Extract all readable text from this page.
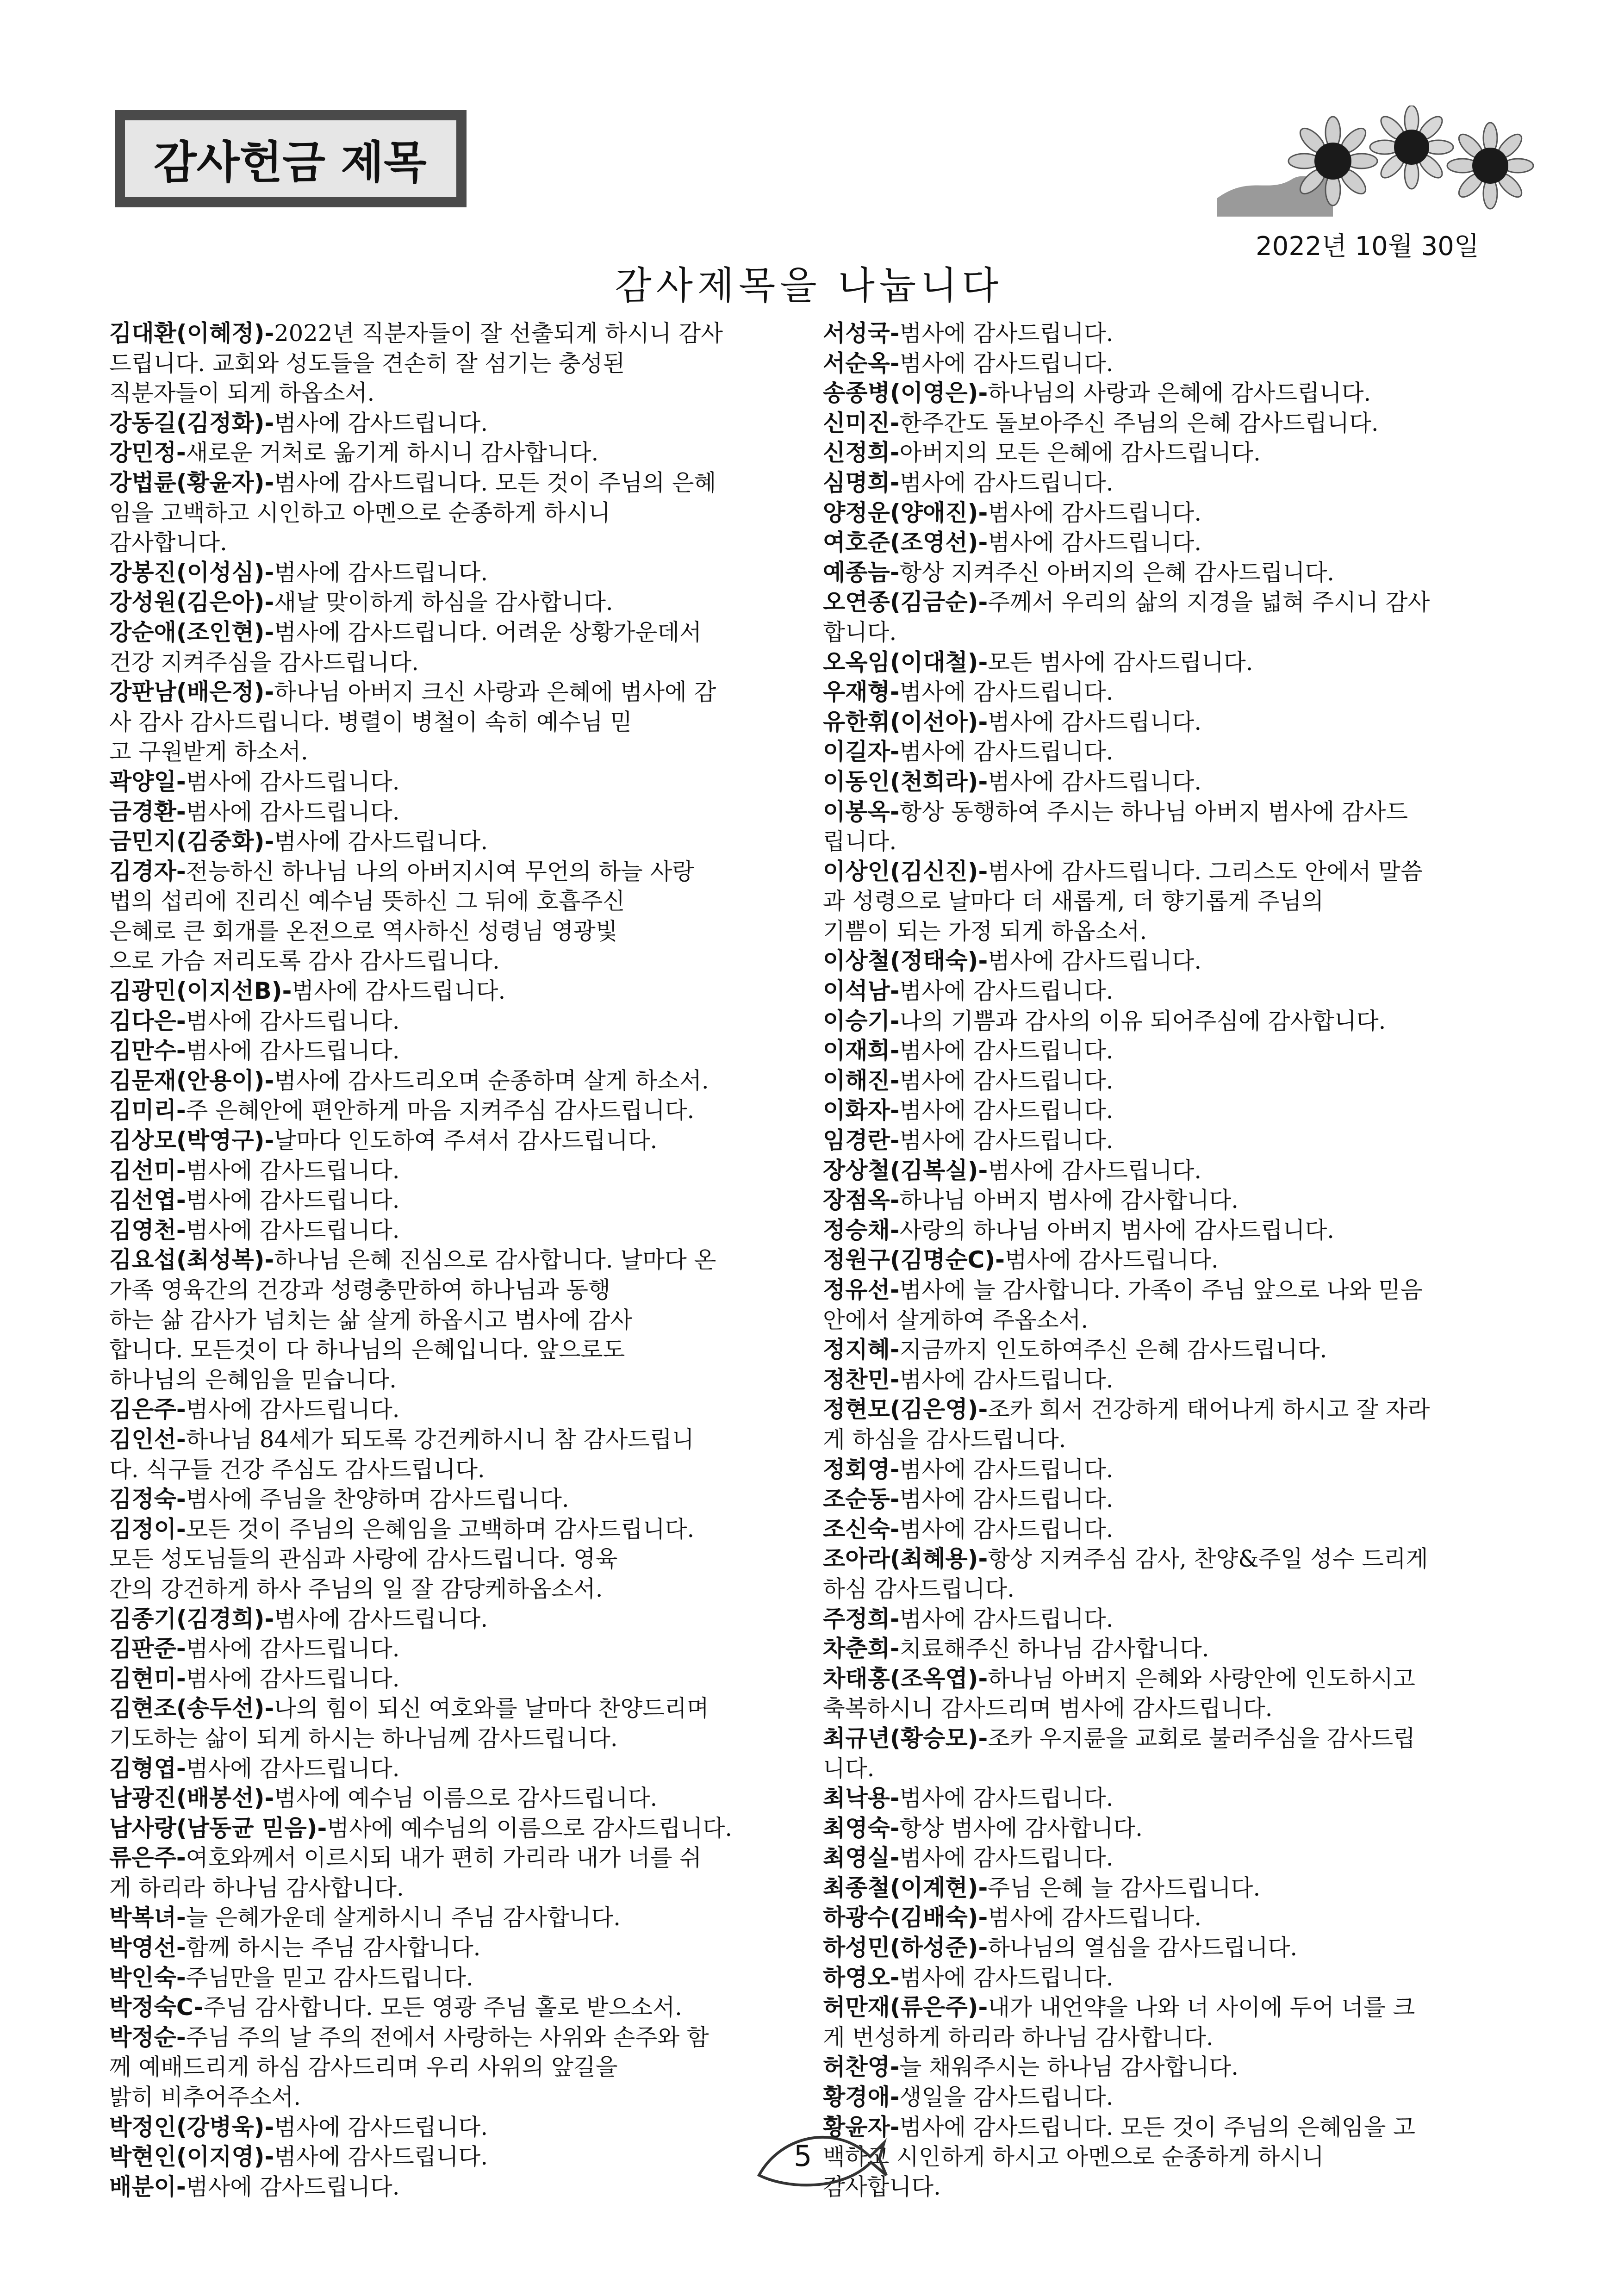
감사헌금 제목
2022년 10월 30일
감사제목을 나눕니다
김대환(이혜정)-2022년 직분자들이 잘 선출되게 하시니 감사
드립니다. 교회와 성도들을 견손히 잘 섬기는 충성된
직분자들이 되게 하옵소서.
강동길(김정화)-범사에 감사드립니다.
강민정-새로운 거처로 옮기게 하시니 감사합니다.
강법륜(황윤자)-범사에 감사드립니다. 모든 것이 주님의 은혜
임을 고백하고 시인하고 아멘으로 순종하게 하시니
감사합니다.
강봉진(이성심)-범사에 감사드립니다.
강성원(김은아)-새날 맞이하게 하심을 감사합니다.
강순애(조인현)-범사에 감사드립니다. 어려운 상황가운데서
건강 지켜주심을 감사드립니다.
강판남(배은정)-하나님 아버지 크신 사랑과 은혜에 범사에 감
사 감사 감사드립니다. 병렬이 병철이 속히 예수님 믿
고 구원받게 하소서.
곽양일-범사에 감사드립니다.
금경환-범사에 감사드립니다.
금민지(김중화)-범사에 감사드립니다.
김경자-전능하신 하나님 나의 아버지시여 무언의 하늘 사랑
법의 섭리에 진리신 예수님 뜻하신 그 뒤에 호흡주신
은혜로 큰 회개를 온전으로 역사하신 성령님 영광빛
으로 가슴 저리도록 감사 감사드립니다.
김광민(이지선B)-범사에 감사드립니다.
김다은-범사에 감사드립니다.
김만수-범사에 감사드립니다.
김문재(안용이)-범사에 감사드리오며 순종하며 살게 하소서.
김미리-주 은혜안에 편안하게 마음 지켜주심 감사드립니다.
김상모(박영구)-날마다 인도하여 주셔서 감사드립니다.
김선미-범사에 감사드립니다.
김선엽-범사에 감사드립니다.
김영천-범사에 감사드립니다.
김요섭(최성복)-하나님 은혜 진심으로 감사합니다. 날마다 온
가족 영육간의 건강과 성령충만하여 하나님과 동행
하는 삶 감사가 넘치는 삶 살게 하옵시고 범사에 감사
합니다. 모든것이 다 하나님의 은혜입니다. 앞으로도
하나님의 은혜임을 믿습니다.
김은주-범사에 감사드립니다.
김인선-하나님 84세가 되도록 강건케하시니 참 감사드립니
다. 식구들 건강 주심도 감사드립니다.
김정숙-범사에 주님을 찬양하며 감사드립니다.
김정이-모든 것이 주님의 은혜임을 고백하며 감사드립니다.
모든 성도님들의 관심과 사랑에 감사드립니다. 영육
간의 강건하게 하사 주님의 일 잘 감당케하옵소서.
김종기(김경희)-범사에 감사드립니다.
김판준-범사에 감사드립니다.
김현미-범사에 감사드립니다.
김현조(송두선)-나의 힘이 되신 여호와를 날마다 찬양드리며
기도하는 삶이 되게 하시는 하나님께 감사드립니다.
김형엽-범사에 감사드립니다.
남광진(배봉선)-범사에 예수님 이름으로 감사드립니다.
남사랑(남동균 믿음)-범사에 예수님의 이름으로 감사드립니다.
류은주-여호와께서 이르시되 내가 편히 가리라 내가 너를 쉬
게 하리라 하나님 감사합니다.
박복녀-늘 은혜가운데 살게하시니 주님 감사합니다.
박영선-함께 하시는 주님 감사합니다.
박인숙-주님만을 믿고 감사드립니다.
박정숙C-주님 감사합니다. 모든 영광 주님 홀로 받으소서.
박정순-주님 주의 날 주의 전에서 사랑하는 사위와 손주와 함
께 예배드리게 하심 감사드리며 우리 사위의 앞길을
밝히 비추어주소서.
박정인(강병욱)-범사에 감사드립니다.
박현인(이지영)-범사에 감사드립니다.
배분이-범사에 감사드립니다.
서성국-범사에 감사드립니다.
서순옥-범사에 감사드립니다.
송종병(이영은)-하나님의 사랑과 은혜에 감사드립니다.
신미진-한주간도 돌보아주신 주님의 은혜 감사드립니다.
신정희-아버지의 모든 은혜에 감사드립니다.
심명희-범사에 감사드립니다.
양정운(양애진)-범사에 감사드립니다.
여호준(조영선)-범사에 감사드립니다.
예종늠-항상 지켜주신 아버지의 은혜 감사드립니다.
오연종(김금순)-주께서 우리의 삶의 지경을 넓혀 주시니 감사
합니다.
오옥임(이대철)-모든 범사에 감사드립니다.
우재형-범사에 감사드립니다.
유한휘(이선아)-범사에 감사드립니다.
이길자-범사에 감사드립니다.
이동인(천희라)-범사에 감사드립니다.
이봉옥-항상 동행하여 주시는 하나님 아버지 범사에 감사드
립니다.
이상인(김신진)-범사에 감사드립니다. 그리스도 안에서 말씀
과 성령으로 날마다 더 새롭게, 더 향기롭게 주님의
기쁨이 되는 가정 되게 하옵소서.
이상철(정태숙)-범사에 감사드립니다.
이석남-범사에 감사드립니다.
이승기-나의 기쁨과 감사의 이유 되어주심에 감사합니다.
이재희-범사에 감사드립니다.
이해진-범사에 감사드립니다.
이화자-범사에 감사드립니다.
임경란-범사에 감사드립니다.
장상철(김복실)-범사에 감사드립니다.
장점옥-하나님 아버지 범사에 감사합니다.
정승채-사랑의 하나님 아버지 범사에 감사드립니다.
정원구(김명순C)-범사에 감사드립니다.
정유선-범사에 늘 감사합니다. 가족이 주님 앞으로 나와 믿음
안에서 살게하여 주옵소서.
정지혜-지금까지 인도하여주신 은혜 감사드립니다.
정찬민-범사에 감사드립니다.
정현모(김은영)-조카 희서 건강하게 태어나게 하시고 잘 자라
게 하심을 감사드립니다.
정회영-범사에 감사드립니다.
조순동-범사에 감사드립니다.
조신숙-범사에 감사드립니다.
조아라(최혜용)-항상 지켜주심 감사, 찬양&주일 성수 드리게
하심 감사드립니다.
주정희-범사에 감사드립니다.
차춘희-치료해주신 하나님 감사합니다.
차태홍(조옥엽)-하나님 아버지 은혜와 사랑안에 인도하시고
축복하시니 감사드리며 범사에 감사드립니다.
최규년(황승모)-조카 우지륜을 교회로 불러주심을 감사드립
니다.
최낙용-범사에 감사드립니다.
최영숙-항상 범사에 감사합니다.
최영실-범사에 감사드립니다.
최종철(이계현)-주님 은혜 늘 감사드립니다.
하광수(김배숙)-범사에 감사드립니다.
하성민(하성준)-하나님의 열심을 감사드립니다.
하영오-범사에 감사드립니다.
허만재(류은주)-내가 내언약을 나와 너 사이에 두어 너를 크
게 번성하게 하리라 하나님 감사합니다.
허찬영-늘 채워주시는 하나님 감사합니다.
황경애-생일을 감사드립니다.
황윤자-범사에 감사드립니다. 모든 것이 주님의 은혜임을 고
백하고 시인하게 하시고 아멘으로 순종하게 하시니
감사합니다.
5
